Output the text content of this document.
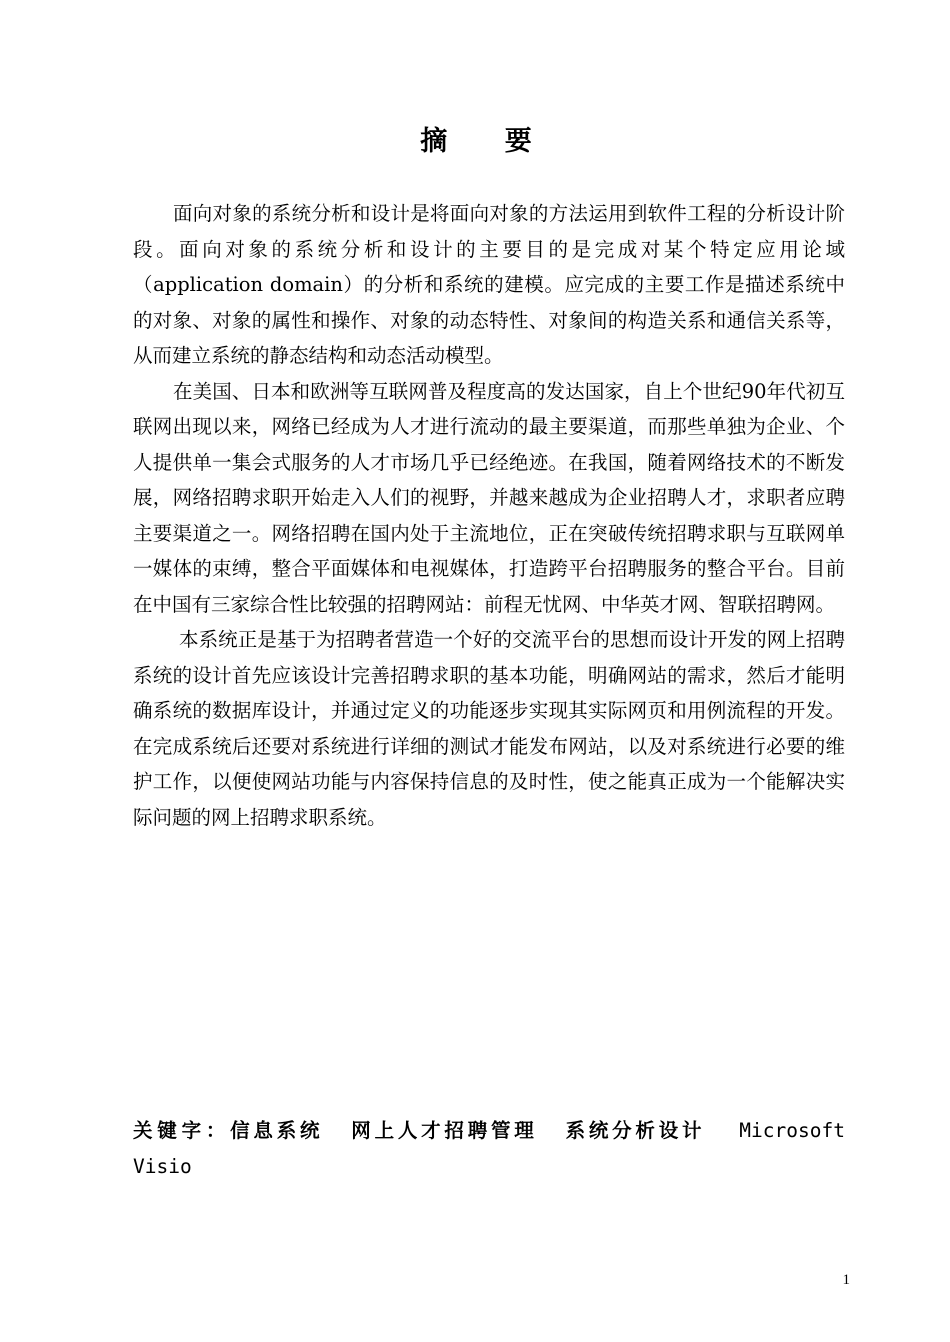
摘 要

面向对象的系统分析和设计是将面向对象的方法运用到软件工程的分析设计阶段。面向对象的系统分析和设计的主要目的是完成对某个特定应用论域（application domain）的分析和系统的建模。应完成的主要工作是描述系统中的对象、对象的属性和操作、对象的动态特性、对象间的构造关系和通信关系等，从而建立系统的静态结构和动态活动模型。

在美国、日本和欧洲等互联网普及程度高的发达国家，自上个世纪90年代初互联网出现以来，网络已经成为人才进行流动的最主要渠道，而那些单独为企业、个人提供单一集会式服务的人才市场几乎已经绝迹。在我国，随着网络技术的不断发展，网络招聘求职开始走入人们的视野，并越来越成为企业招聘人才，求职者应聘主要渠道之一。网络招聘在国内处于主流地位，正在突破传统招聘求职与互联网单一媒体的束缚，整合平面媒体和电视媒体，打造跨平台招聘服务的整合平台。目前在中国有三家综合性比较强的招聘网站：前程无忧网、中华英才网、智联招聘网。

本系统正是基于为招聘者营造一个好的交流平台的思想而设计开发的网上招聘系统的设计首先应该设计完善招聘求职的基本功能，明确网站的需求，然后才能明确系统的数据库设计，并通过定义的功能逐步实现其实际网页和用例流程的开发。在完成系统后还要对系统进行详细的测试才能发布网站，以及对系统进行必要的维护工作，以便使网站功能与内容保持信息的及时性，使之能真正成为一个能解决实际问题的网上招聘求职系统。

关键字：信息系统 网上人才招聘管理 系统分析设计 Microsoft Visio
1
